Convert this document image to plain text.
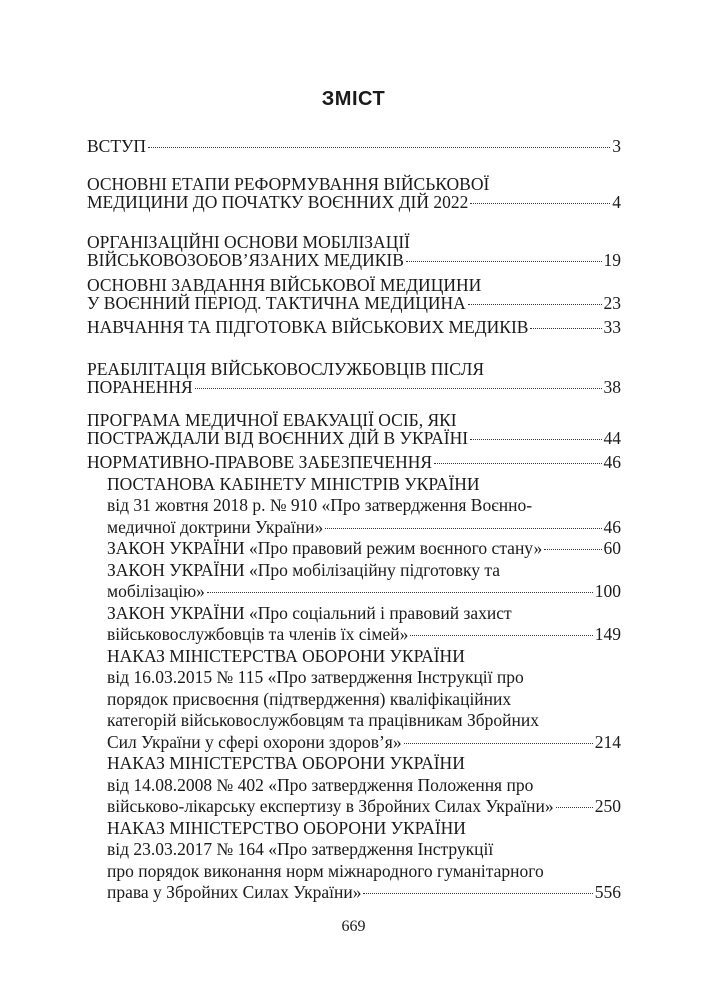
ЗМІСТ
ВСТУП	3
ОСНОВНІ ЕТАПИ РЕФОРМУВАННЯ ВІЙСЬКОВОЇ
МЕДИЦИНИ ДО ПОЧАТКУ ВОЄННИХ ДІЙ 2022	4
ОРГАНІЗАЦІЙНІ ОСНОВИ МОБІЛІЗАЦІЇ
ВІЙСЬКОВОЗОБОВ’ЯЗАНИХ МЕДИКІВ	19
ОСНОВНІ ЗАВДАННЯ ВІЙСЬКОВОЇ МЕДИЦИНИ
У ВОЄННИЙ ПЕРІОД. ТАКТИЧНА МЕДИЦИНА	23
НАВЧАННЯ ТА ПІДГОТОВКА ВІЙСЬКОВИХ МЕДИКІВ	33
РЕАБІЛІТАЦІЯ ВІЙСЬКОВОСЛУЖБОВЦІВ ПІСЛЯ
ПОРАНЕННЯ	38
ПРОГРАМА МЕДИЧНОЇ ЕВАКУАЦІЇ ОСІБ, ЯКІ
ПОСТРАЖДАЛИ ВІД ВОЄННИХ ДІЙ В УКРАЇНІ	44
НОРМАТИВНО-ПРАВОВЕ ЗАБЕЗПЕЧЕННЯ	46
ПОСТАНОВА КАБІНЕТУ МІНІСТРІВ УКРАЇНИ
від 31 жовтня 2018 р. № 910 «Про затвердження Воєнно-
медичної доктрини України»	46
ЗАКОН УКРАЇНИ «Про правовий режим воєнного стану»	60
ЗАКОН УКРАЇНИ «Про мобілізаційну підготовку та
мобілізацію»	100
ЗАКОН УКРАЇНИ «Про соціальний і правовий захист
військовослужбовців та членів їх сімей»	149
НАКАЗ МІНІСТЕРСТВА ОБОРОНИ УКРАЇНИ
від 16.03.2015 № 115 «Про затвердження Інструкції про
порядок присвоєння (підтвердження) кваліфікаційних
категорій військовослужбовцям та працівникам Збройних
Сил України у сфері охорони здоров’я»	214
НАКАЗ МІНІСТЕРСТВА ОБОРОНИ УКРАЇНИ
від 14.08.2008 № 402 «Про затвердження Положення про
військово-лікарську експертизу в Збройних Силах України» 250
НАКАЗ МІНІСТЕРСТВО ОБОРОНИ УКРАЇНИ
від 23.03.2017 № 164 «Про затвердження Інструкції
про порядок виконання норм міжнародного гуманітарного
права у Збройних Силах України»	556
669
